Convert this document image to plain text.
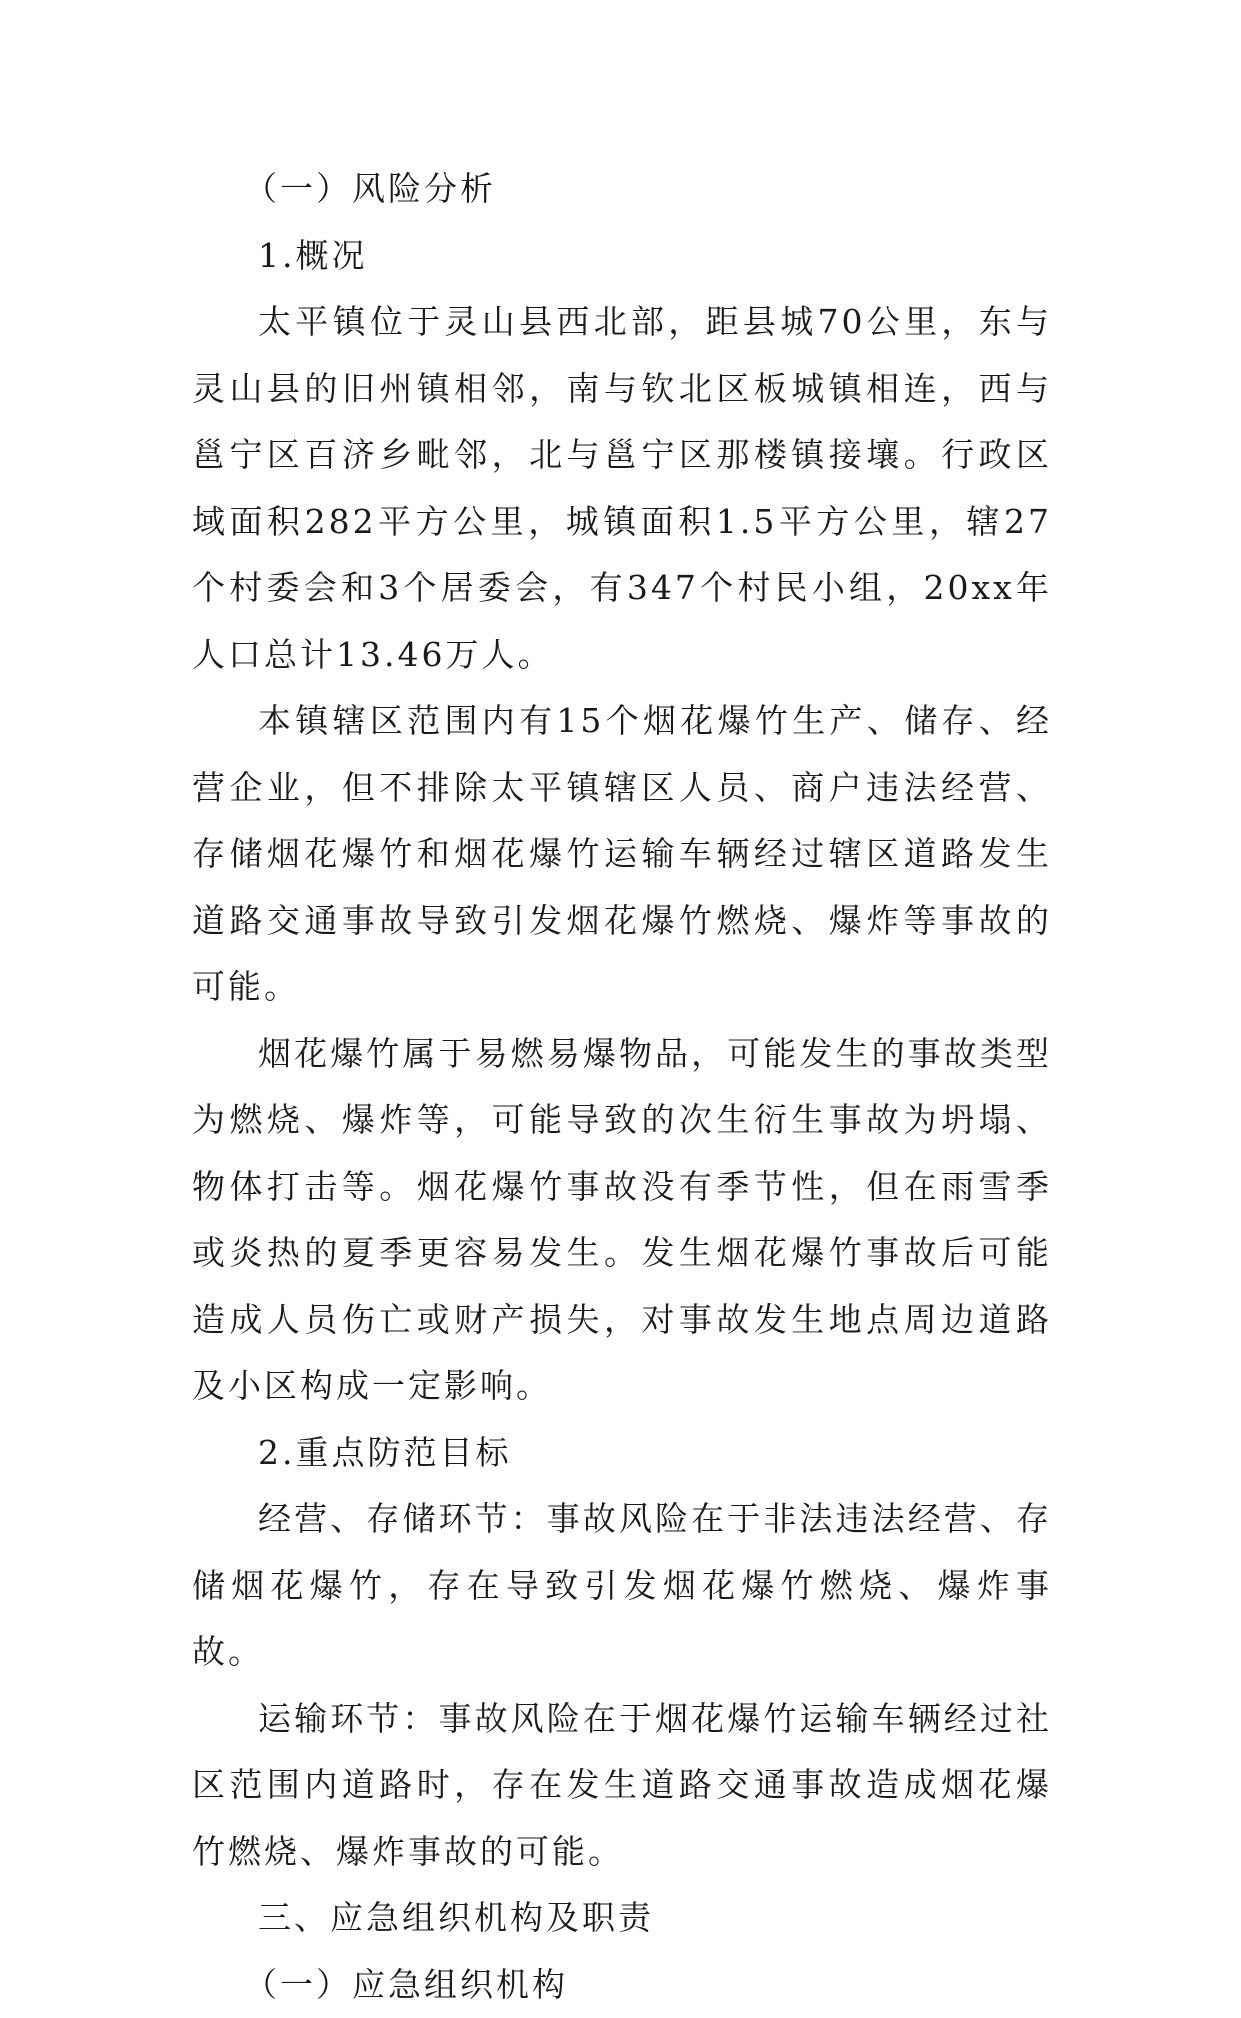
（一）风险分析

1.概况

太平镇位于灵山县西北部，距县城70公里，东与灵山县的旧州镇相邻，南与钦北区板城镇相连，西与邕宁区百济乡毗邻，北与邕宁区那楼镇接壤。行政区域面积282平方公里，城镇面积1.5平方公里，辖27个村委会和3个居委会，有347个村民小组，20xx年人口总计13.46万人。

本镇辖区范围内有15个烟花爆竹生产、储存、经营企业，但不排除太平镇辖区人员、商户违法经营、存储烟花爆竹和烟花爆竹运输车辆经过辖区道路发生道路交通事故导致引发烟花爆竹燃烧、爆炸等事故的可能。

烟花爆竹属于易燃易爆物品，可能发生的事故类型为燃烧、爆炸等，可能导致的次生衍生事故为坍塌、物体打击等。烟花爆竹事故没有季节性，但在雨雪季或炎热的夏季更容易发生。发生烟花爆竹事故后可能造成人员伤亡或财产损失，对事故发生地点周边道路及小区构成一定影响。

2.重点防范目标

经营、存储环节：事故风险在于非法违法经营、存储烟花爆竹，存在导致引发烟花爆竹燃烧、爆炸事故。

运输环节：事故风险在于烟花爆竹运输车辆经过社区范围内道路时，存在发生道路交通事故造成烟花爆竹燃烧、爆炸事故的可能。

三、应急组织机构及职责

（一）应急组织机构
